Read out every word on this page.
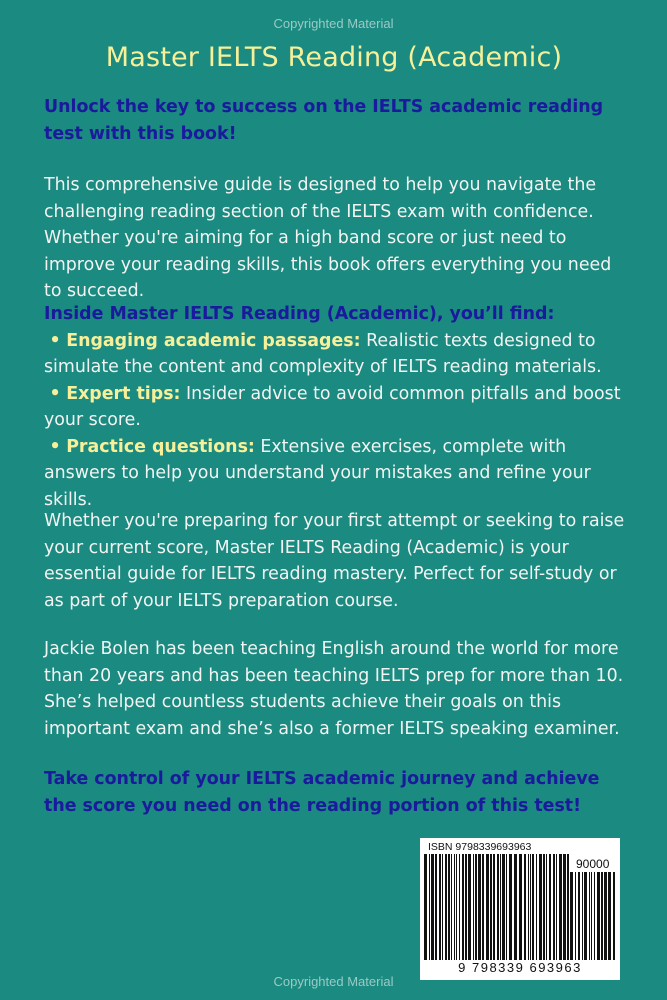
Copyrighted Material
Master IELTS Reading (Academic)

Unlock the key to success on the IELTS academic reading test with this book!

This comprehensive guide is designed to help you navigate the challenging reading section of the IELTS exam with confidence. Whether you're aiming for a high band score or just need to improve your reading skills, this book offers everything you need to succeed.

Inside Master IELTS Reading (Academic), you’ll find:
• Engaging academic passages: Realistic texts designed to simulate the content and complexity of IELTS reading materials.
• Expert tips: Insider advice to avoid common pitfalls and boost your score.
• Practice questions: Extensive exercises, complete with answers to help you understand your mistakes and refine your skills.

Whether you're preparing for your first attempt or seeking to raise your current score, Master IELTS Reading (Academic) is your essential guide for IELTS reading mastery. Perfect for self-study or as part of your IELTS preparation course.

Jackie Bolen has been teaching English around the world for more than 20 years and has been teaching IELTS prep for more than 10. She’s helped countless students achieve their goals on this important exam and she’s also a former IELTS speaking examiner.

Take control of your IELTS academic journey and achieve the score you need on the reading portion of this test!

ISBN 9798339693963
90000
9 798339 693963
Copyrighted Material
